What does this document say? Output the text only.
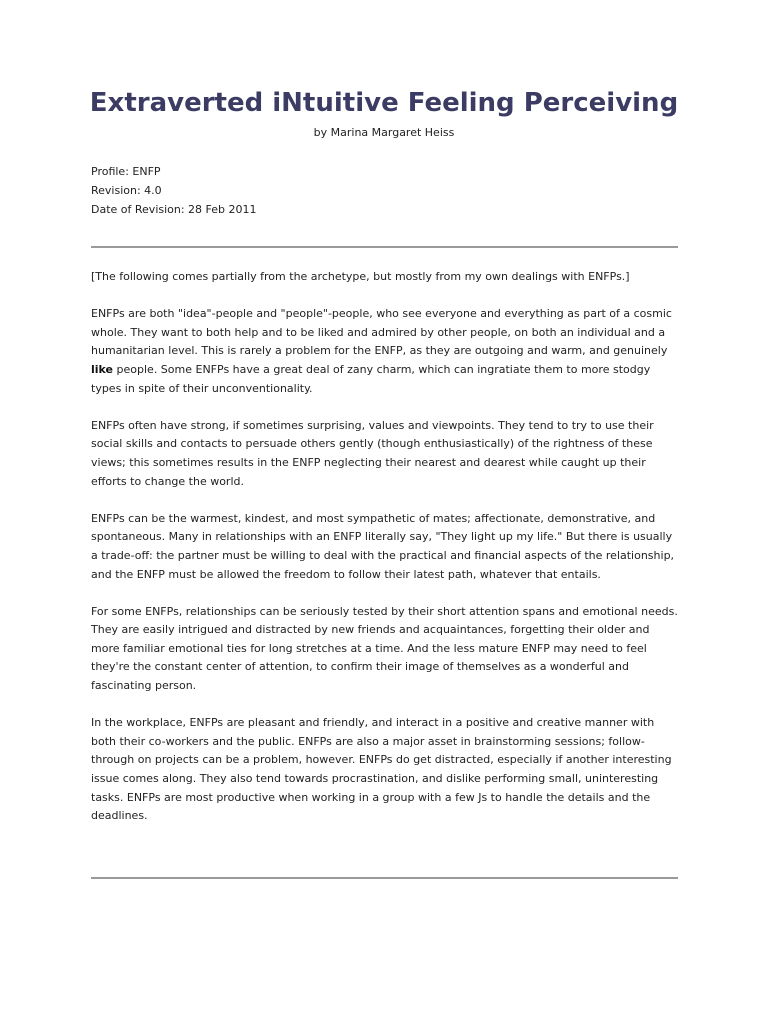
Extraverted iNtuitive Feeling Perceiving
by Marina Margaret Heiss
Profile: ENFP
Revision: 4.0
Date of Revision: 28 Feb 2011

[The following comes partially from the archetype, but mostly from my own dealings with ENFPs.]

ENFPs are both "idea"-people and "people"-people, who see everyone and everything as part of a cosmic whole. They want to both help and to be liked and admired by other people, on both an individual and a humanitarian level. This is rarely a problem for the ENFP, as they are outgoing and warm, and genuinely like people. Some ENFPs have a great deal of zany charm, which can ingratiate them to more stodgy types in spite of their unconventionality.

ENFPs often have strong, if sometimes surprising, values and viewpoints. They tend to try to use their social skills and contacts to persuade others gently (though enthusiastically) of the rightness of these views; this sometimes results in the ENFP neglecting their nearest and dearest while caught up their efforts to change the world.

ENFPs can be the warmest, kindest, and most sympathetic of mates; affectionate, demonstrative, and spontaneous. Many in relationships with an ENFP literally say, "They light up my life." But there is usually a trade-off: the partner must be willing to deal with the practical and financial aspects of the relationship, and the ENFP must be allowed the freedom to follow their latest path, whatever that entails.

For some ENFPs, relationships can be seriously tested by their short attention spans and emotional needs. They are easily intrigued and distracted by new friends and acquaintances, forgetting their older and more familiar emotional ties for long stretches at a time. And the less mature ENFP may need to feel they're the constant center of attention, to confirm their image of themselves as a wonderful and fascinating person.

In the workplace, ENFPs are pleasant and friendly, and interact in a positive and creative manner with both their co-workers and the public. ENFPs are also a major asset in brainstorming sessions; follow-through on projects can be a problem, however. ENFPs do get distracted, especially if another interesting issue comes along. They also tend towards procrastination, and dislike performing small, uninteresting tasks. ENFPs are most productive when working in a group with a few Js to handle the details and the deadlines.
